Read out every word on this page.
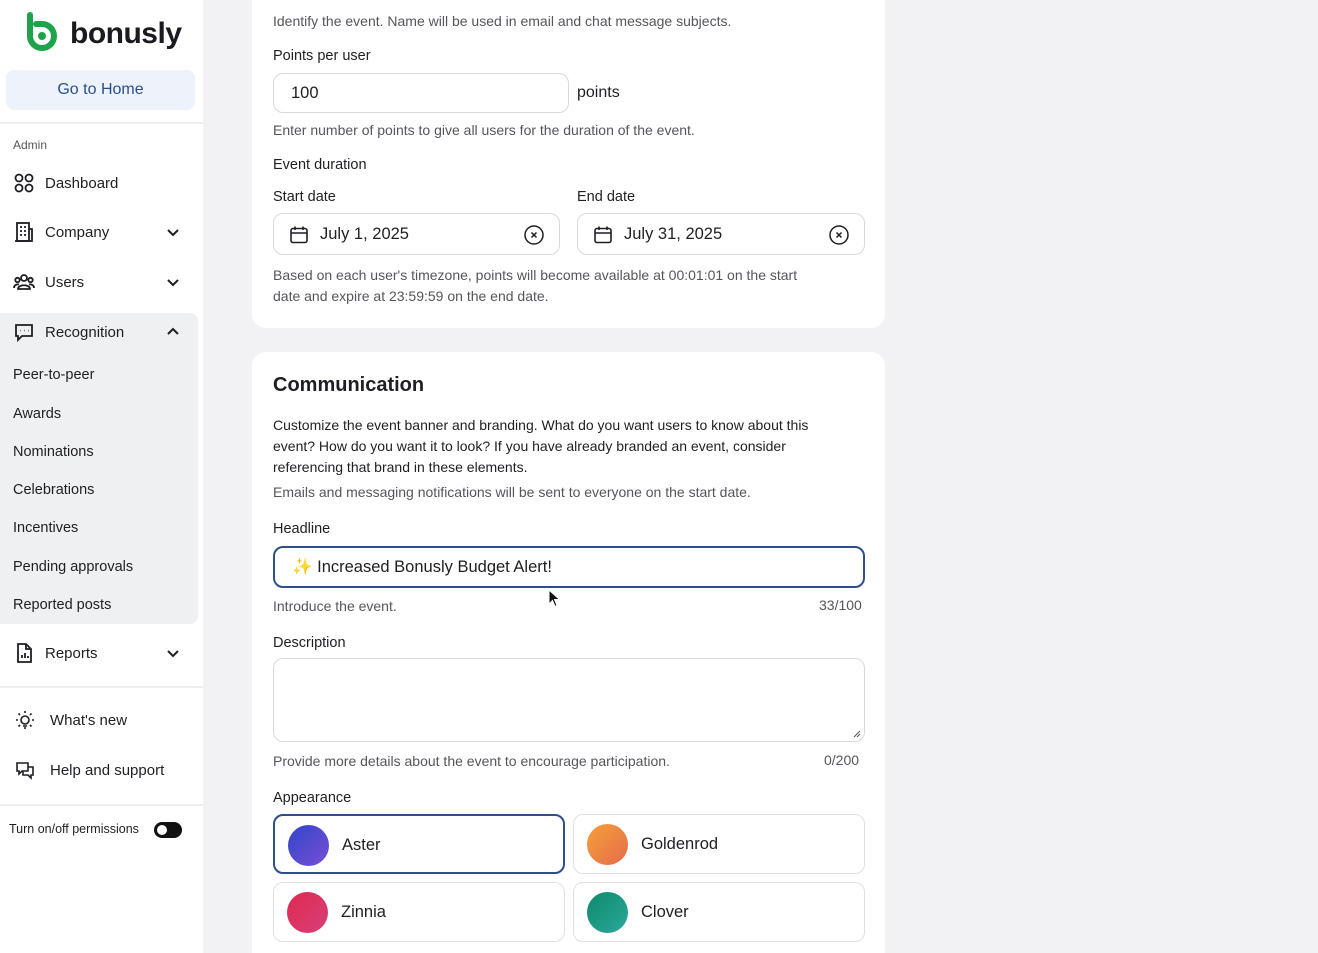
bonusly
Go to Home
Admin
Dashboard
Company
Users
Recognition
Peer-to-peer
Awards
Nominations
Celebrations
Incentives
Pending approvals
Reported posts
Reports
What's new
Help and support
Turn on/off permissions
Identify the event. Name will be used in email and chat message subjects.
Points per user
100	points
Enter number of points to give all users for the duration of the event.
Event duration
Start date	End date
July 1, 2025	July 31, 2025
Based on each user's timezone, points will become available at 00:01:01 on the start
date and expire at 23:59:59 on the end date.
Communication
Customize the event banner and branding. What do you want users to know about this
event? How do you want it to look? If you have already branded an event, consider
referencing that brand in these elements.
Emails and messaging notifications will be sent to everyone on the start date.
Headline
✨ Increased Bonusly Budget Alert!
Introduce the event.	33/100
Description
Provide more details about the event to encourage participation.	0/200
Appearance
Aster	Goldenrod
Zinnia	Clover
